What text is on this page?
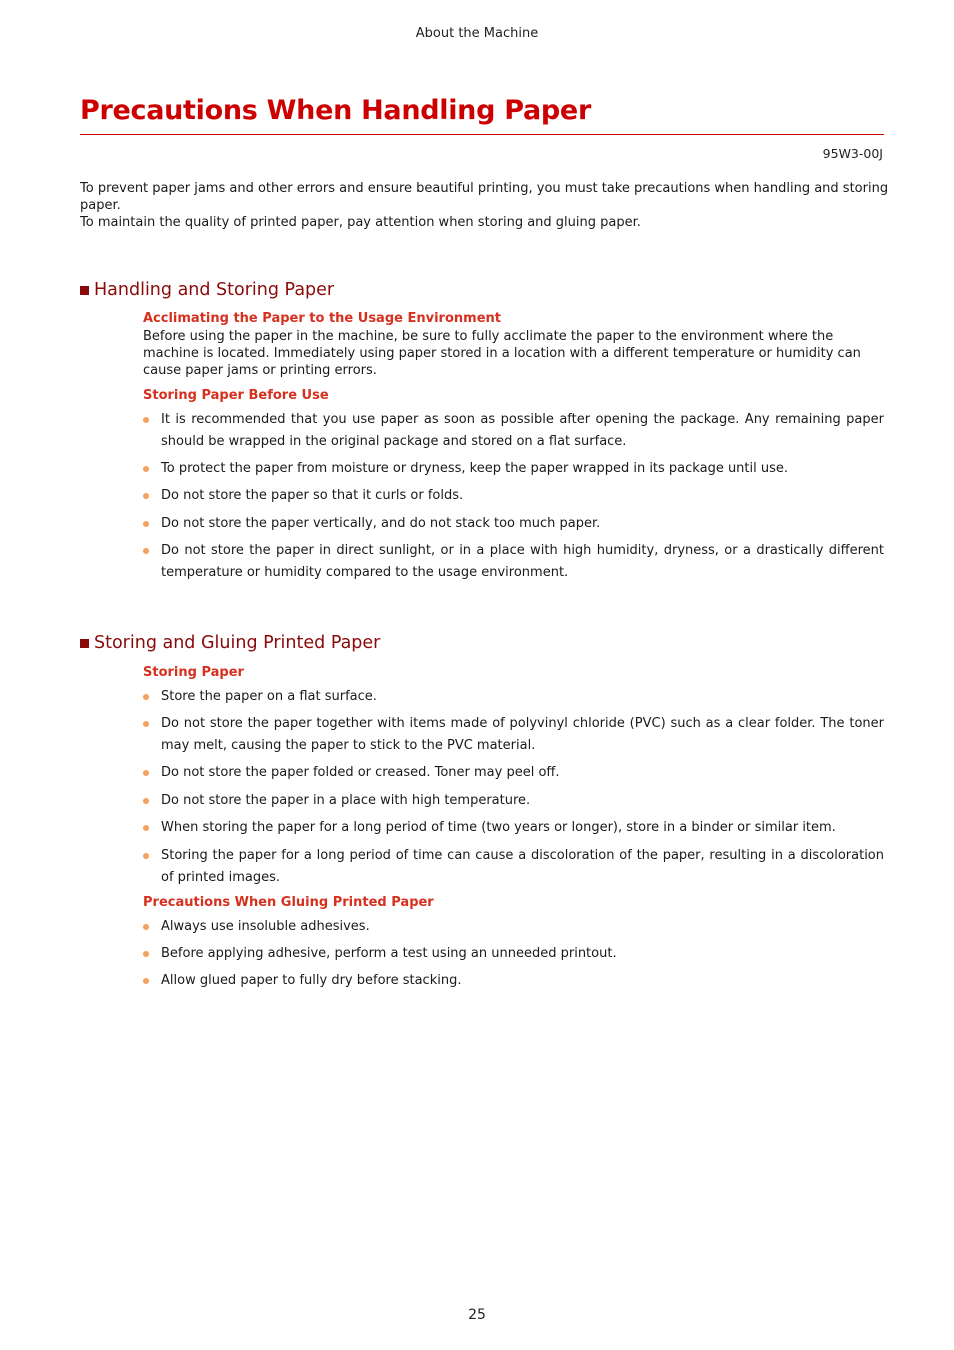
About the Machine
Precautions When Handling Paper
95W3-00J
To prevent paper jams and other errors and ensure beautiful printing, you must take precautions when handling and storing paper.
To maintain the quality of printed paper, pay attention when storing and gluing paper.
Handling and Storing Paper
Acclimating the Paper to the Usage Environment
Before using the paper in the machine, be sure to fully acclimate the paper to the environment where the machine is located. Immediately using paper stored in a location with a different temperature or humidity can cause paper jams or printing errors.
Storing Paper Before Use
It is recommended that you use paper as soon as possible after opening the package. Any remaining paper should be wrapped in the original package and stored on a flat surface.
To protect the paper from moisture or dryness, keep the paper wrapped in its package until use.
Do not store the paper so that it curls or folds.
Do not store the paper vertically, and do not stack too much paper.
Do not store the paper in direct sunlight, or in a place with high humidity, dryness, or a drastically different temperature or humidity compared to the usage environment.
Storing and Gluing Printed Paper
Storing Paper
Store the paper on a flat surface.
Do not store the paper together with items made of polyvinyl chloride (PVC) such as a clear folder. The toner may melt, causing the paper to stick to the PVC material.
Do not store the paper folded or creased. Toner may peel off.
Do not store the paper in a place with high temperature.
When storing the paper for a long period of time (two years or longer), store in a binder or similar item.
Storing the paper for a long period of time can cause a discoloration of the paper, resulting in a discoloration of printed images.
Precautions When Gluing Printed Paper
Always use insoluble adhesives.
Before applying adhesive, perform a test using an unneeded printout.
Allow glued paper to fully dry before stacking.
25
